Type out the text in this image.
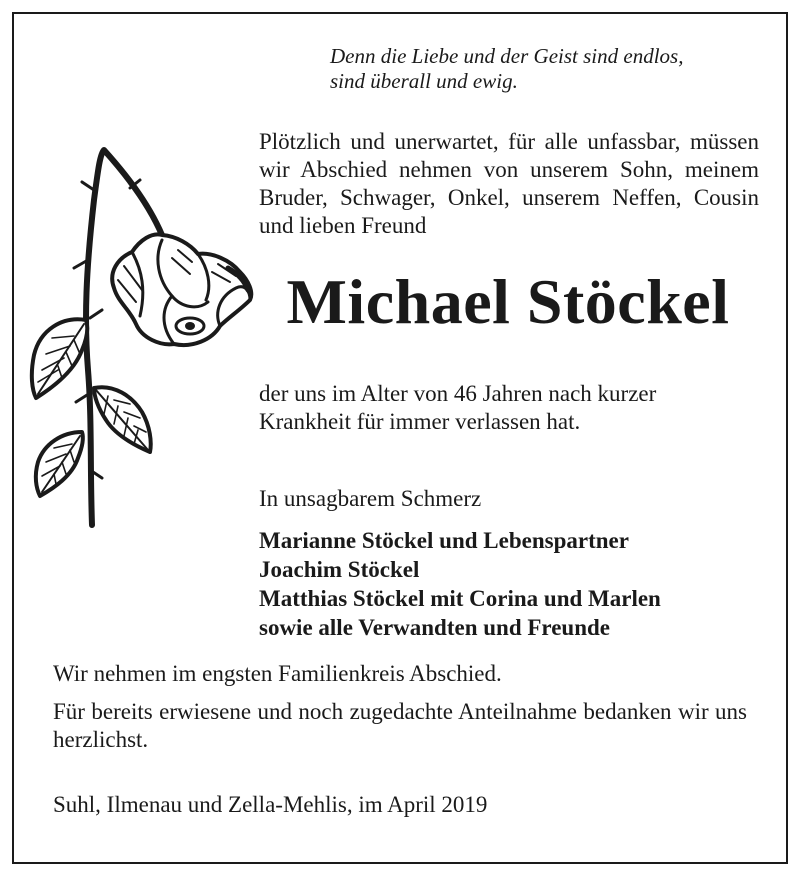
Denn die Liebe und der Geist sind endlos,
sind überall und ewig.
Plötzlich und unerwartet, für alle unfassbar, müssen wir Abschied nehmen von unserem Sohn, meinem Bruder, Schwager, Onkel, unserem Neffen, Cousin und lieben Freund
Michael Stöckel
der uns im Alter von 46 Jahren nach kurzer
Krankheit für immer verlassen hat.
In unsagbarem Schmerz
Marianne Stöckel und Lebenspartner
Joachim Stöckel
Matthias Stöckel mit Corina und Marlen
sowie alle Verwandten und Freunde
Wir nehmen im engsten Familienkreis Abschied.
Für bereits erwiesene und noch zugedachte Anteilnahme bedanken wir uns herzlichst.
Suhl, Ilmenau und Zella-Mehlis, im April 2019
